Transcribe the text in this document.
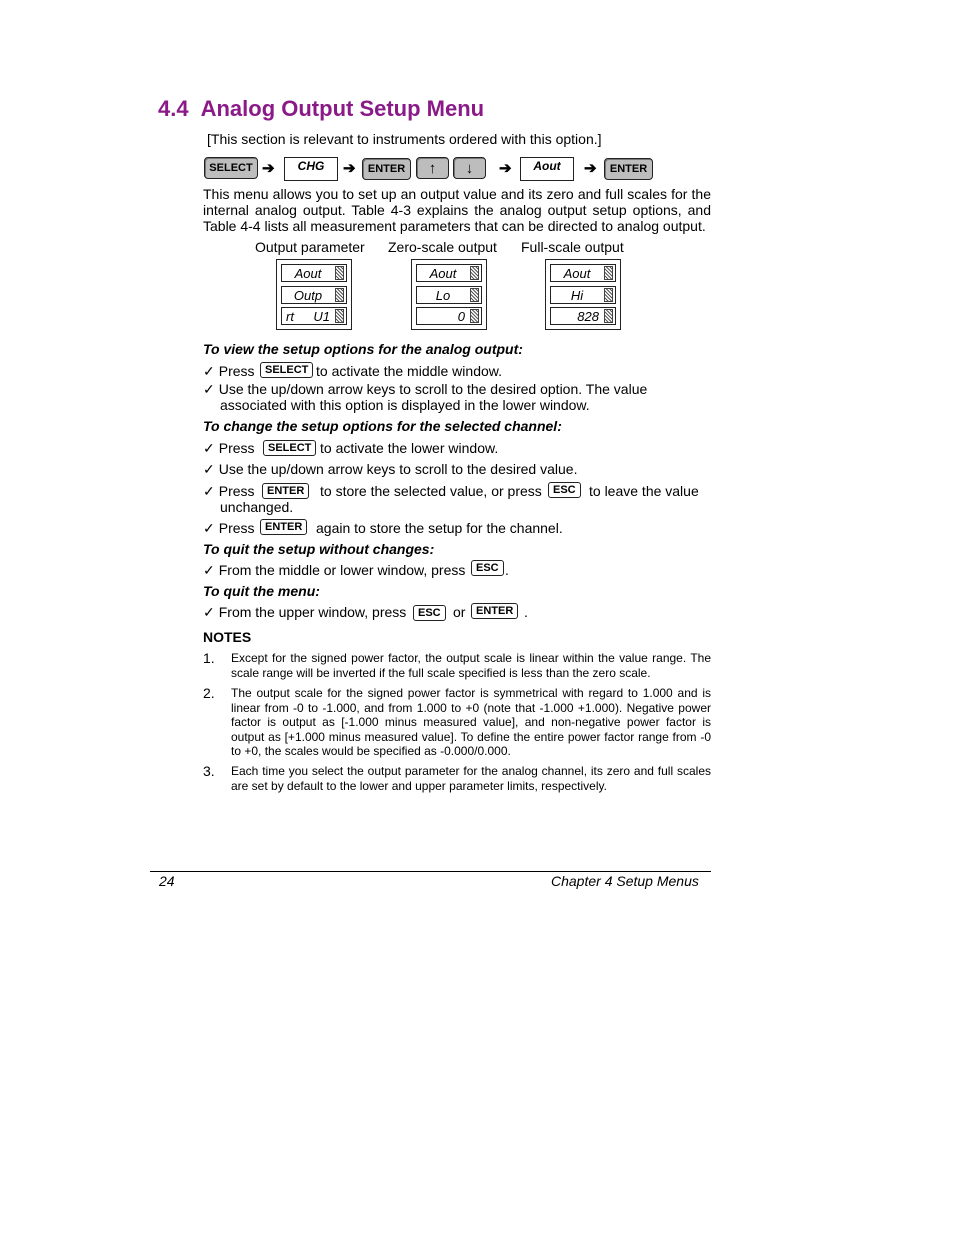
4.4 Analog Output Setup Menu
[This section is relevant to instruments ordered with this option.]
SELECT ➔	CHG	➔	ENTER	↑	↓	➔	Aout	➔	ENTER
This menu allows you to set up an output value and its zero and full scales for the internal analog output. Table 4-3 explains the analog output setup options, and Table 4-4 lists all measurement parameters that can be directed to analog output.
Output parameter Zero-scale output Full-scale output
Aout
Outp
rt U1
Aout
Lo
0
Aout
Hi
828
To view the setup options for the analog output:
✓ Press SELECT to activate the middle window.
✓ Use the up/down arrow keys to scroll to the desired option. The value
associated with this option is displayed in the lower window.
To change the setup options for the selected channel:
✓ Press	SELECT to activate the lower window.
✓ Use the up/down arrow keys to scroll to the desired value.
✓ Press	ENTER	to store the selected value, or press	ESC to leave the value
unchanged.
✓ Press ENTER again to store the setup for the channel.
To quit the setup without changes:
✓ From the middle or lower window, press ESC .
To quit the menu:
✓ From the upper window, press	ESC or ENTER .
NOTES
1. Except for the signed power factor, the output scale is linear within the value range. The scale range will be inverted if the full scale specified is less than the zero scale.
2. The output scale for the signed power factor is symmetrical with regard to 1.000 and is linear from -0 to -1.000, and from 1.000 to +0 (note that -1.000 +1.000). Negative power factor is output as [-1.000 minus measured value], and non-negative power factor is output as [+1.000 minus measured value]. To define the entire power factor range from -0 to +0, the scales would be specified as -0.000/0.000.
3. Each time you select the output parameter for the analog channel, its zero and full scales are set by default to the lower and upper parameter limits, respectively.
24	Chapter 4 Setup Menus
